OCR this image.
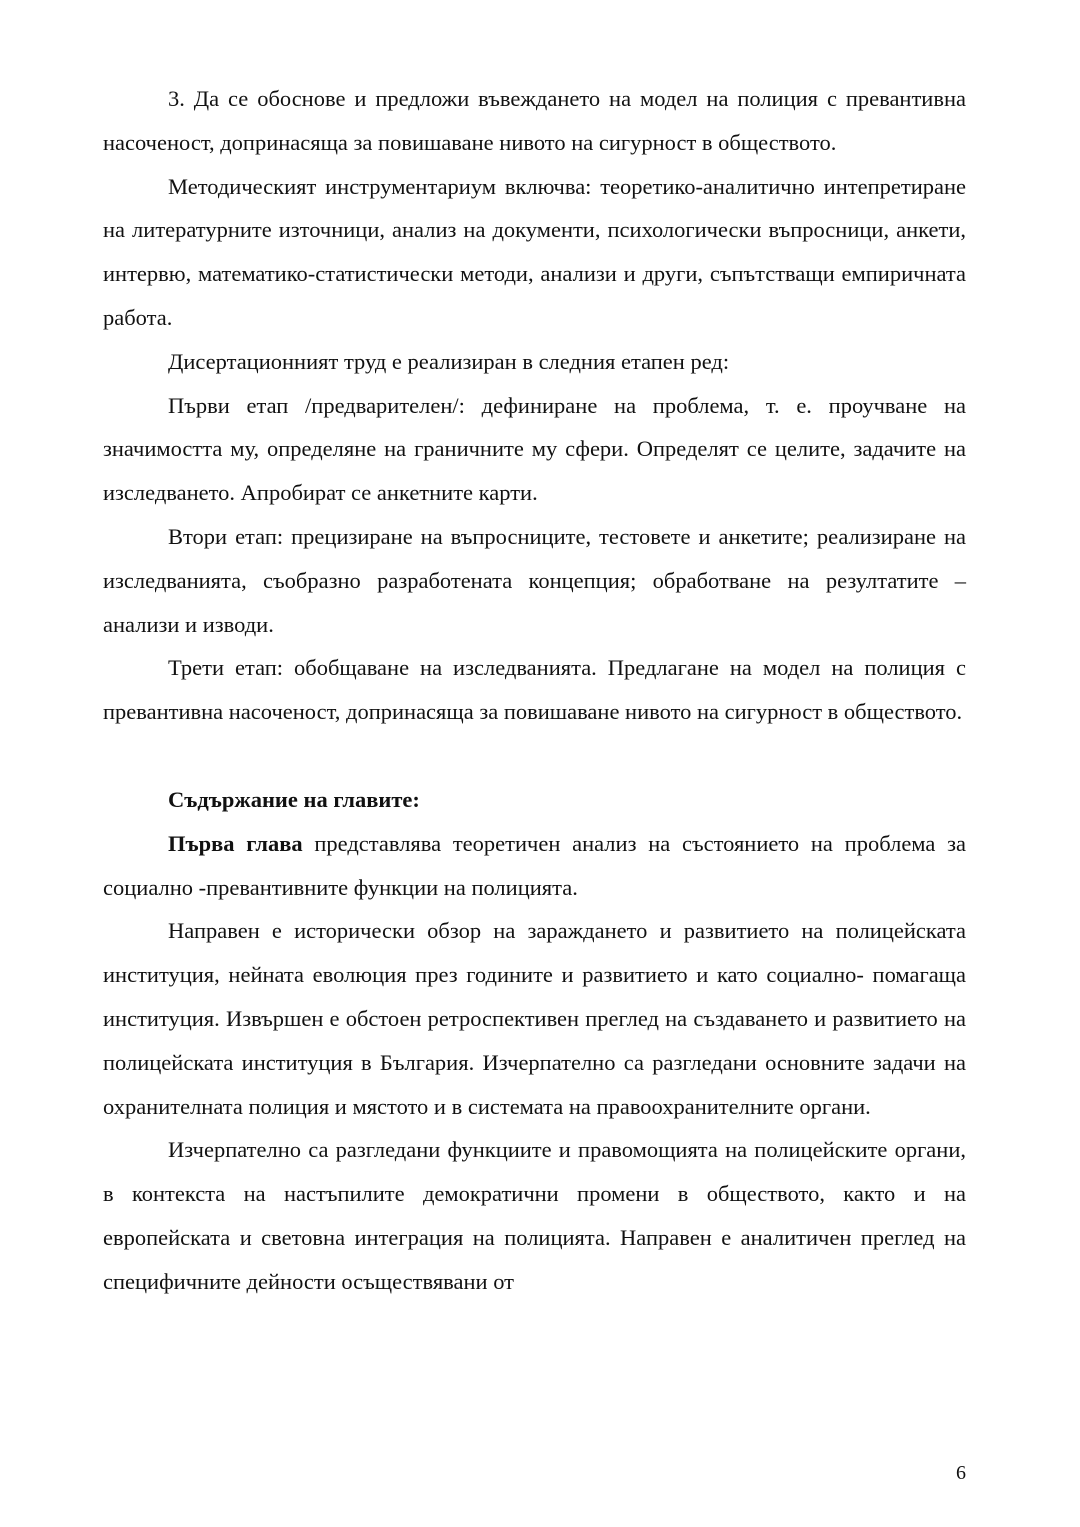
3. Да се обоснове и предложи въвеждането на модел на полиция с превантивна насоченост, допринасяща за повишаване нивото на сигурност в обществото.

Методическият инструментариум включва: теоретико-аналитично интепретиране на литературните източници, анализ на документи, психологически въпросници, анкети, интервю, математико-статистически методи, анализи и други, съпътстващи емпиричната работа.

Дисертационният труд е реализиран в следния етапен ред:

Първи етап /предварителен/: дефиниране на проблема, т. е. проучване на значимостта му, определяне на граничните му сфери. Определят се целите, задачите на изследването. Апробират се анкетните карти.

Втори етап: прецизиране на въпросниците, тестовете и анкетите; реализиране на изследванията, съобразно разработената концепция; обработване на резултатите – анализи и изводи.

Трети етап: обобщаване на изследванията. Предлагане на модел на полиция с превантивна насоченост, допринасяща за повишаване нивото на сигурност в обществото.

Съдържание на главите:

Първа глава представлява теоретичен анализ на състоянието на проблема за социално -превантивните функции на полицията.

Направен е исторически обзор на зараждането и развитието на полицейската институция, нейната еволюция през годините и развитието и като социално- помагаща институция. Извършен е обстоен ретроспективен преглед на създаването и развитието на полицейската институция в България. Изчерпателно са разгледани основните задачи на охранителната полиция и мястото и в системата на правоохранителните органи.

Изчерпателно са разгледани функциите и правомощията на полицейските органи, в контекста на настъпилите демократични промени в обществото, както и на европейската и световна интеграция на полицията. Направен е аналитичен преглед на специфичните дейности осъществявани от

6
